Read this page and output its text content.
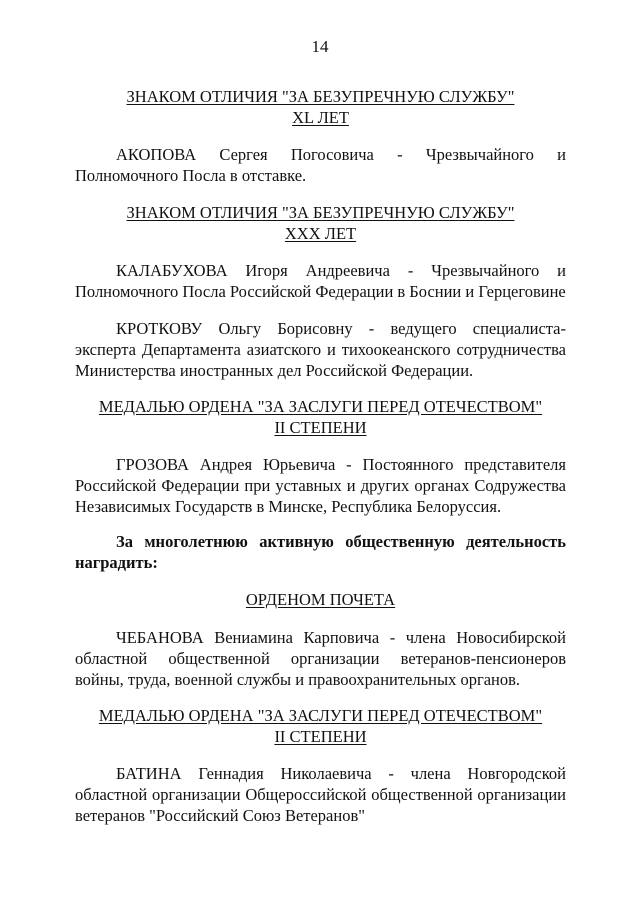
14
ЗНАКОМ ОТЛИЧИЯ "ЗА БЕЗУПРЕЧНУЮ СЛУЖБУ"
XL ЛЕТ
АКОПОВА Сергея Погосовича - Чрезвычайного и Полномочного Посла в отставке.
ЗНАКОМ ОТЛИЧИЯ "ЗА БЕЗУПРЕЧНУЮ СЛУЖБУ"
XXX ЛЕТ
КАЛАБУХОВА Игоря Андреевича - Чрезвычайного и Полномочного Посла Российской Федерации в Боснии и Герцеговине
КРОТКОВУ Ольгу Борисовну - ведущего специалиста-эксперта Департамента азиатского и тихоокеанского сотрудничества Министерства иностранных дел Российской Федерации.
МЕДАЛЬЮ ОРДЕНА "ЗА ЗАСЛУГИ ПЕРЕД ОТЕЧЕСТВОМ"
II СТЕПЕНИ
ГРОЗОВА Андрея Юрьевича - Постоянного представителя Российской Федерации при уставных и других органах Содружества Независимых Государств в Минске, Республика Белоруссия.
За многолетнюю активную общественную деятельность наградить:
ОРДЕНОМ ПОЧЕТА
ЧЕБАНОВА Вениамина Карповича - члена Новосибирской областной общественной организации ветеранов-пенсионеров войны, труда, военной службы и правоохранительных органов.
МЕДАЛЬЮ ОРДЕНА "ЗА ЗАСЛУГИ ПЕРЕД ОТЕЧЕСТВОМ"
II СТЕПЕНИ
БАТИНА Геннадия Николаевича - члена Новгородской областной организации Общероссийской общественной организации ветеранов "Российский Союз Ветеранов"
